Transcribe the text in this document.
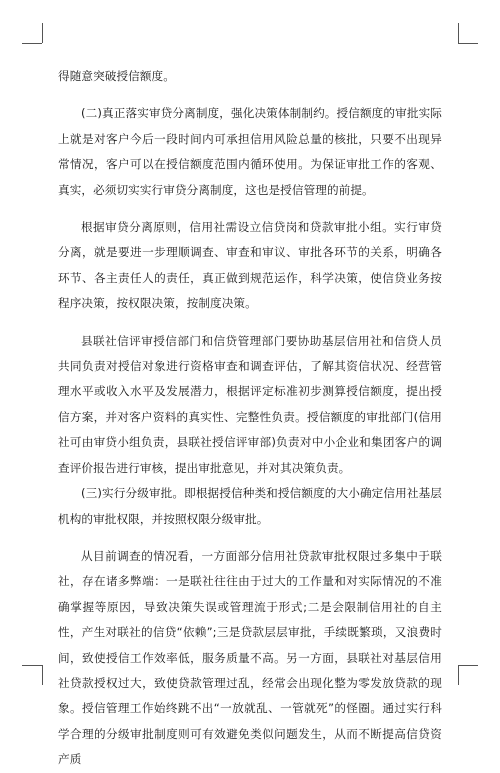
得随意突破授信额度。

(二)真正落实审贷分离制度，强化决策体制制约。授信额度的审批实际上就是对客户今后一段时间内可承担信用风险总量的核批，只要不出现异常情况，客户可以在授信额度范围内循环使用。为保证审批工作的客观、真实，必须切实实行审贷分离制度，这也是授信管理的前提。

根据审贷分离原则，信用社需设立信贷岗和贷款审批小组。实行审贷分离，就是要进一步理顺调查、审查和审议、审批各环节的关系，明确各环节、各主责任人的责任，真正做到规范运作，科学决策，使信贷业务按程序决策，按权限决策，按制度决策。

县联社信评审授信部门和信贷管理部门要协助基层信用社和信贷人员共同负责对授信对象进行资格审查和调查评估，了解其资信状况、经营管理水平或收入水平及发展潜力，根据评定标准初步测算授信额度，提出授信方案，并对客户资料的真实性、完整性负责。授信额度的审批部门(信用社可由审贷小组负责，县联社授信评审部)负责对中小企业和集团客户的调查评价报告进行审核，提出审批意见，并对其决策负责。

(三)实行分级审批。即根据授信种类和授信额度的大小确定信用社基层机构的审批权限，并按照权限分级审批。

从目前调查的情况看，一方面部分信用社贷款审批权限过多集中于联社，存在诸多弊端：一是联社往往由于过大的工作量和对实际情况的不准确掌握等原因，导致决策失误或管理流于形式;二是会限制信用社的自主性，产生对联社的信贷“依赖”;三是贷款层层审批，手续既繁琐，又浪费时间，致使授信工作效率低，服务质量不高。另一方面，县联社对基层信用社贷款授权过大，致使贷款管理过乱，经常会出现化整为零发放贷款的现象。授信管理工作始终跳不出“一放就乱、一管就死”的怪圈。通过实行科学合理的分级审批制度则可有效避免类似问题发生，从而不断提高信贷资产质
